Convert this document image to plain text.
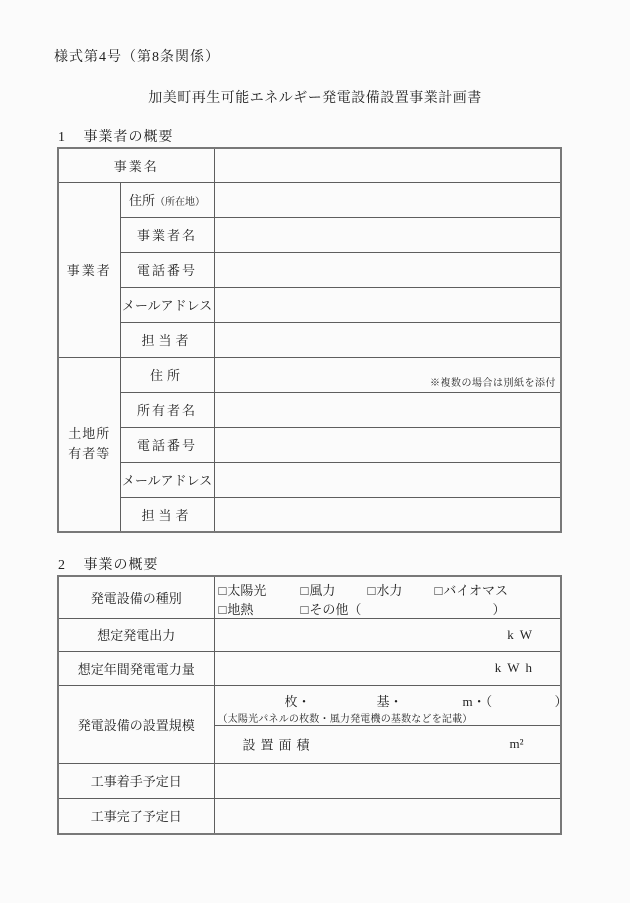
様式第4号（第8条関係）
加美町再生可能エネルギー発電設備設置事業計画書
1 事業者の概要
事業名		
事業者	住所（所在地）	
	事業者名	
	電話番号	
	メールアドレス	
	担当者	

土地所有者等	住所	※複数の場合は別紙を添付

	所有者名	
	電話番号	
	メールアドレス	
	担当者	
2 事業の概要
発電設備の種別	
□太陽光	□風力 □水力 □バイオマス
□地熱	□その他（	）

想定発電出力	kW
想定年間発電電力量	kWh
発電設備の設置規模	枚・ 基・ m・（ ）
（太陽光パネルの枚数・風力発電機の基数などを記載）

	設置面積 m²

工事着手予定日	
工事完了予定日	
